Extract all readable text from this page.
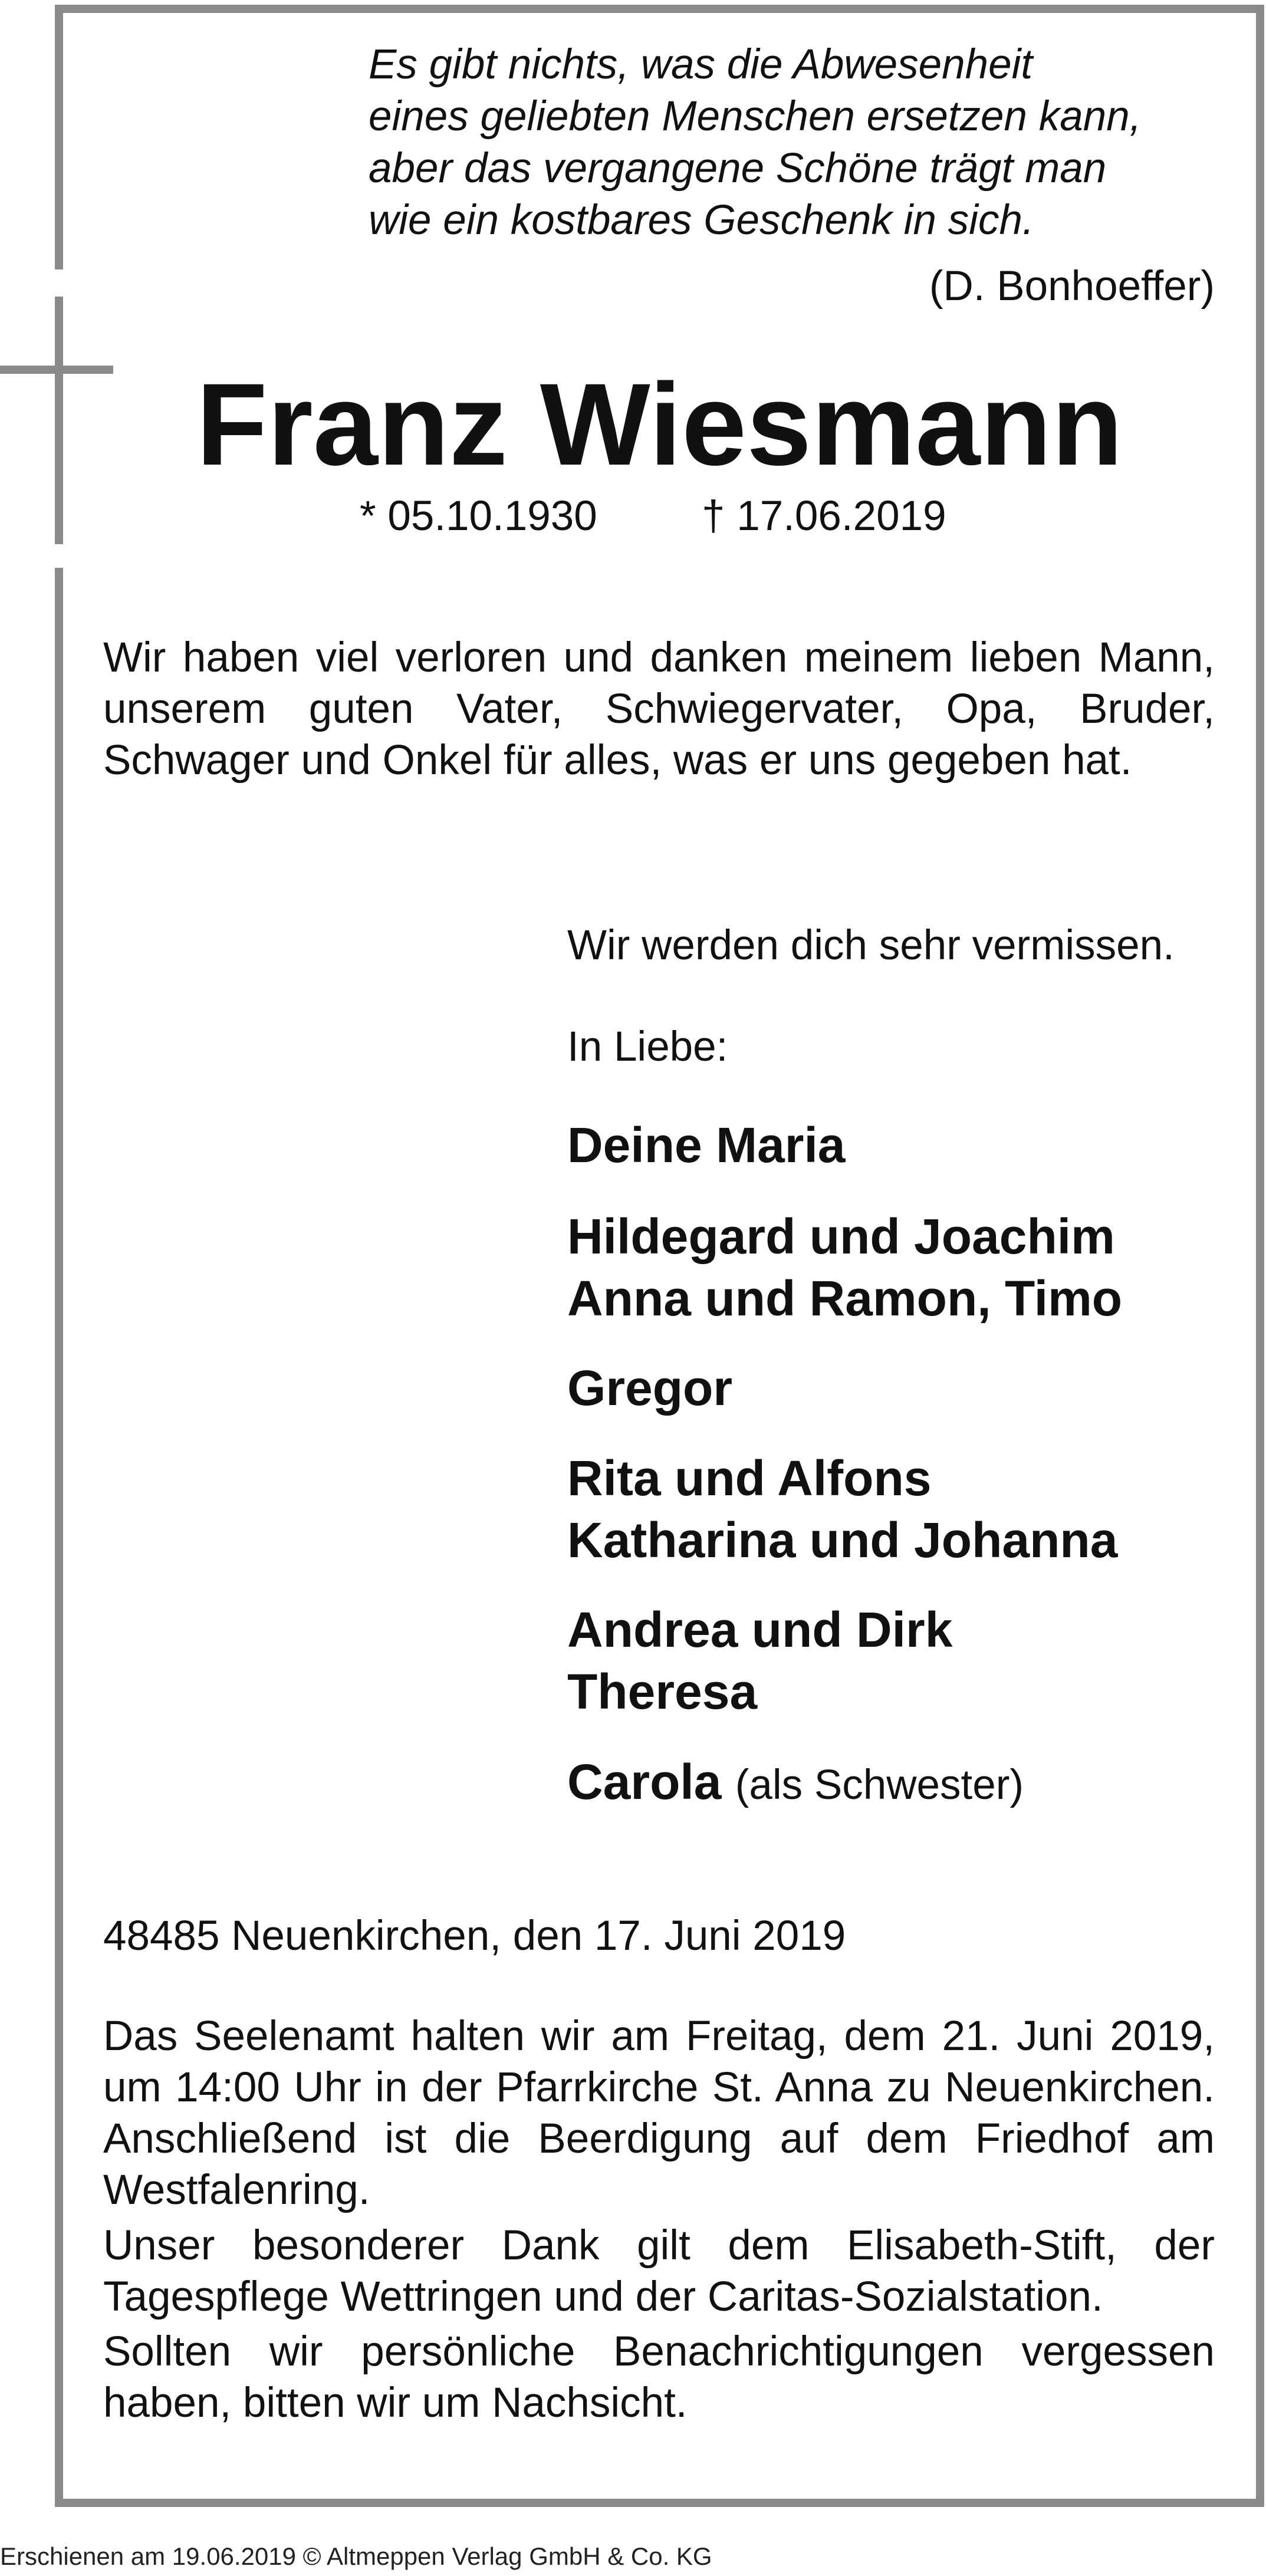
Es gibt nichts, was die Abwesenheit
eines geliebten Menschen ersetzen kann,
aber das vergangene Schöne trägt man
wie ein kostbares Geschenk in sich.
(D. Bonhoeffer)
Franz Wiesmann
* 05.10.1930 † 17.06.2019
Wir haben viel verloren und danken meinem lieben Mann, unserem guten Vater, Schwiegervater, Opa, Bruder, Schwager und Onkel für alles, was er uns gegeben hat.
Wir werden dich sehr vermissen.
In Liebe:
Deine Maria
Hildegard und Joachim
Anna und Ramon, Timo
Gregor
Rita und Alfons
Katharina und Johanna
Andrea und Dirk
Theresa
Carola (als Schwester)
48485 Neuenkirchen, den 17. Juni 2019
Das Seelenamt halten wir am Freitag, dem 21. Juni 2019, um 14:00 Uhr in der Pfarrkirche St. Anna zu Neuenkirchen. Anschließend ist die Beerdigung auf dem Friedhof am Westfalenring.
Unser besonderer Dank gilt dem Elisabeth-Stift, der Tagespflege Wettringen und der Caritas-Sozialstation.
Sollten wir persönliche Benachrichtigungen vergessen haben, bitten wir um Nachsicht.
Erschienen am 19.06.2019 © Altmeppen Verlag GmbH & Co. KG
